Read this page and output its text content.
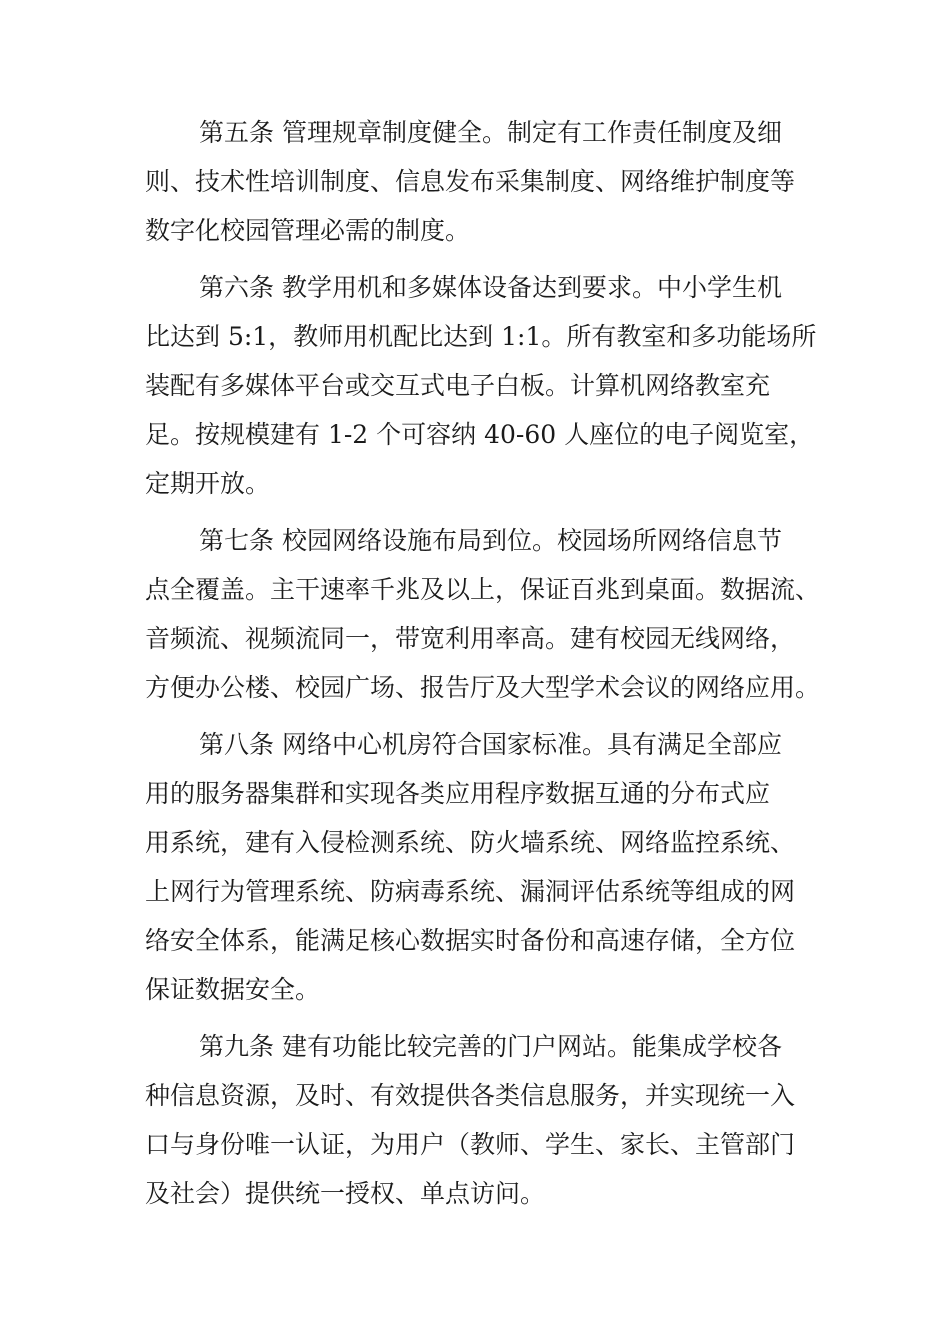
第五条 管理规章制度健全。制定有工作责任制度及细
则、技术性培训制度、信息发布采集制度、网络维护制度等
数字化校园管理必需的制度。
第六条 教学用机和多媒体设备达到要求。中小学生机
比达到 5:1，教师用机配比达到 1:1。所有教室和多功能场所
装配有多媒体平台或交互式电子白板。计算机网络教室充
足。按规模建有 1-2 个可容纳 40-60 人座位的电子阅览室，
定期开放。
第七条 校园网络设施布局到位。校园场所网络信息节
点全覆盖。主干速率千兆及以上，保证百兆到桌面。数据流、
音频流、视频流同一，带宽利用率高。建有校园无线网络，
方便办公楼、校园广场、报告厅及大型学术会议的网络应用。
第八条 网络中心机房符合国家标准。具有满足全部应
用的服务器集群和实现各类应用程序数据互通的分布式应
用系统，建有入侵检测系统、防火墙系统、网络监控系统、
上网行为管理系统、防病毒系统、漏洞评估系统等组成的网
络安全体系，能满足核心数据实时备份和高速存储，全方位
保证数据安全。
第九条 建有功能比较完善的门户网站。能集成学校各
种信息资源，及时、有效提供各类信息服务，并实现统一入
口与身份唯一认证，为用户（教师、学生、家长、主管部门
及社会）提供统一授权、单点访问。
